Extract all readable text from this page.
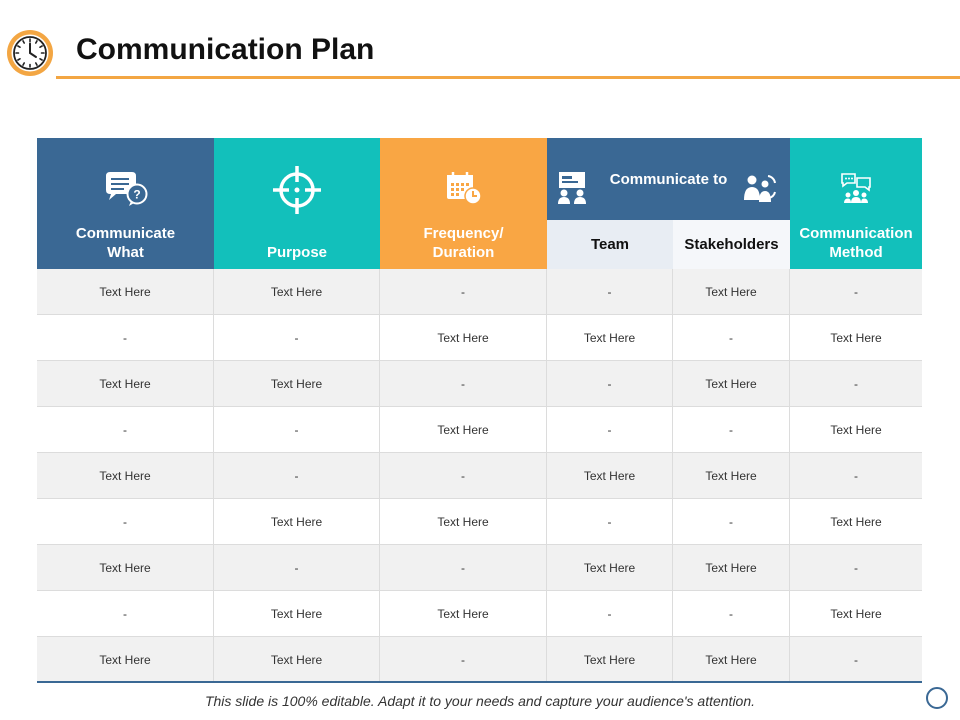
Communication Plan
?
Communicate
What	Purpose
Frequency/
Duration
Communicate to
Team	Stakeholders
Communication
Method
Text Here	Text Here	-	-	Text Here	-
-	-	Text Here	Text Here	-	Text Here
Text Here	Text Here	-	-	Text Here	-
-	-	Text Here	-	-	Text Here
Text Here	-	-	Text Here	Text Here	-
-	Text Here	Text Here	-	-	Text Here
Text Here	-	-	Text Here	Text Here	-
-	Text Here	Text Here	-	-	Text Here
Text Here	Text Here	-	Text Here	Text Here	-
This slide is 100% editable. Adapt it to your needs and capture your audience's attention.
